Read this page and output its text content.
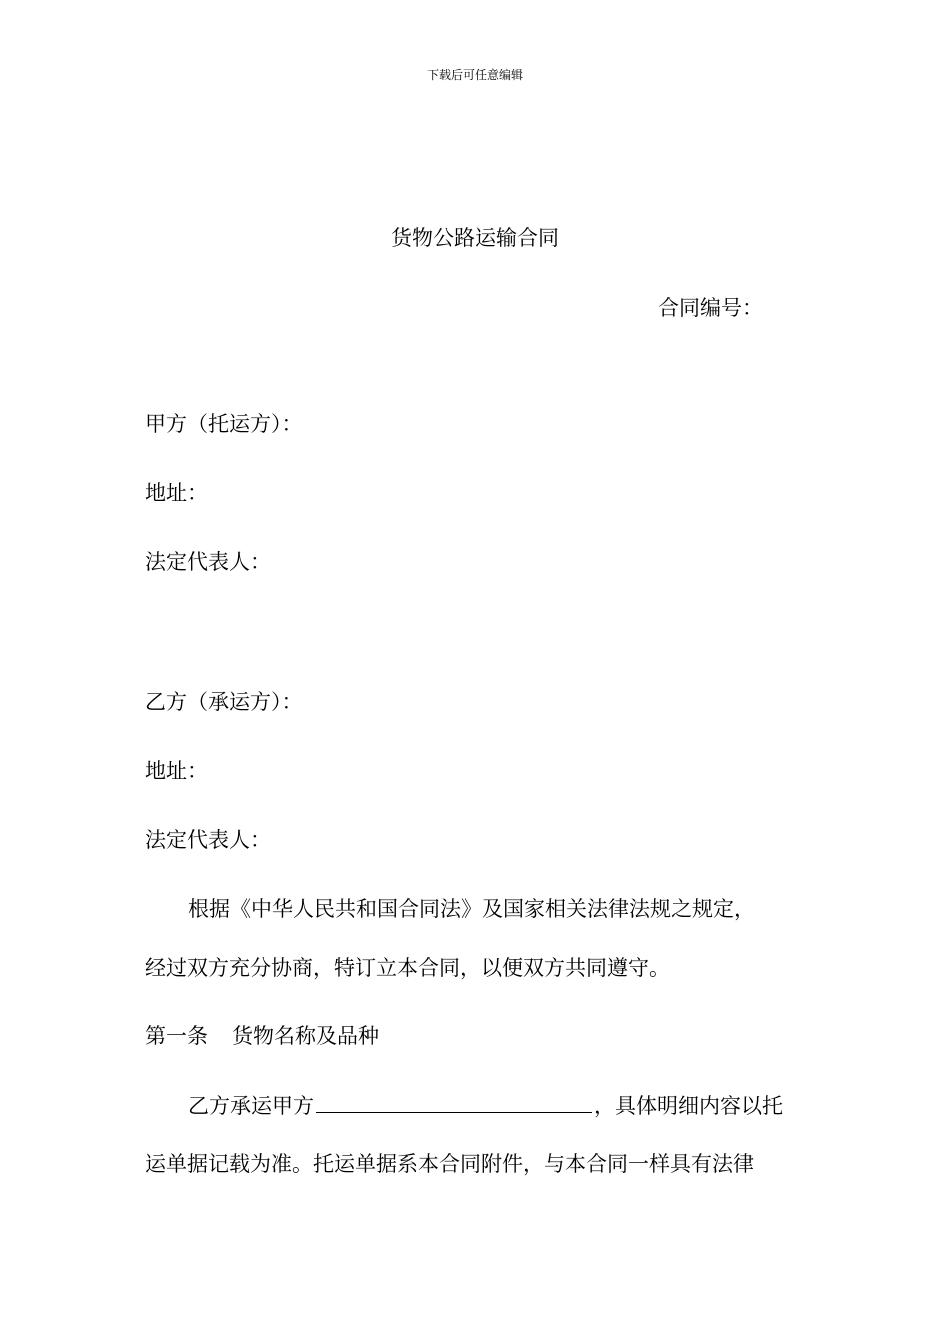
下载后可任意编辑
货物公路运输合同
合同编号：
甲方（托运方）：
地址：
法定代表人：
乙方（承运方）：
地址：
法定代表人：
根据《中华人民共和国合同法》及国家相关法律法规之规定，
经过双方充分协商，特订立本合同，以便双方共同遵守。
第一条 货物名称及品种
乙方承运甲方	，具体明细内容以托
运单据记载为准。托运单据系本合同附件，与本合同一样具有法律
